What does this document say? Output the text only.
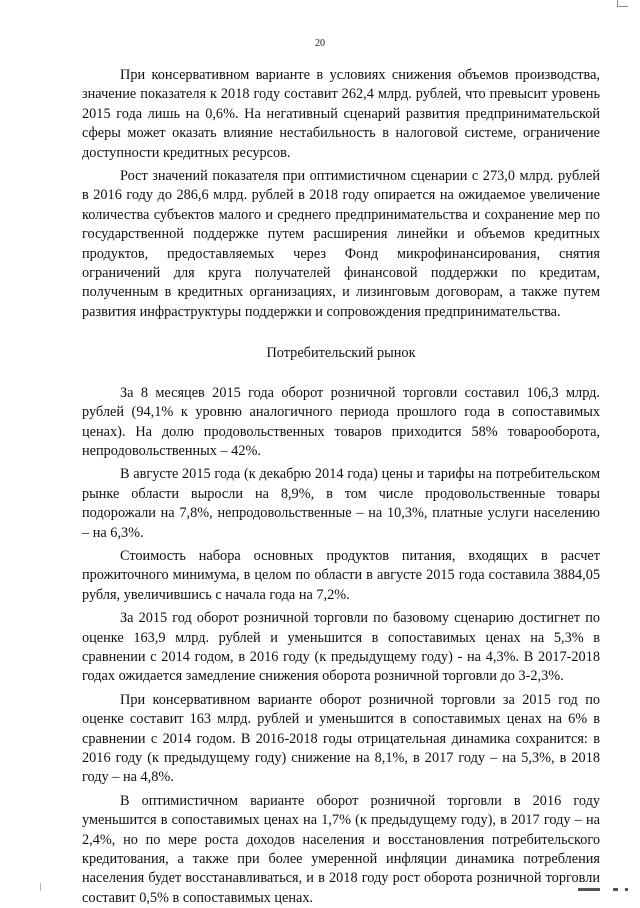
20

При консервативном варианте в условиях снижения объемов производства, значение показателя к 2018 году составит 262,4 млрд. рублей, что превысит уровень 2015 года лишь на 0,6%. На негативный сценарий развития предпринимательской сферы может оказать влияние нестабильность в налоговой системе, ограничение доступности кредитных ресурсов.

Рост значений показателя при оптимистичном сценарии с 273,0 млрд. рублей в 2016 году до 286,6 млрд. рублей в 2018 году опирается на ожидаемое увеличение количества субъектов малого и среднего предпринимательства и сохранение мер по государственной поддержке путем расширения линейки и объемов кредитных продуктов, предоставляемых через Фонд микрофинансирования, снятия ограничений для круга получателей финансовой поддержки по кредитам, полученным в кредитных организациях, и лизинговым договорам, а также путем развития инфраструктуры поддержки и сопровождения предпринимательства.

Потребительский рынок

За 8 месяцев 2015 года оборот розничной торговли составил 106,3 млрд. рублей (94,1% к уровню аналогичного периода прошлого года в сопоставимых ценах). На долю продовольственных товаров приходится 58% товарооборота, непродовольственных – 42%.

В августе 2015 года (к декабрю 2014 года) цены и тарифы на потребительском рынке области выросли на 8,9%, в том числе продовольственные товары подорожали на 7,8%, непродовольственные – на 10,3%, платные услуги населению – на 6,3%.

Стоимость набора основных продуктов питания, входящих в расчет прожиточного минимума, в целом по области в августе 2015 года составила 3884,05 рубля, увеличившись с начала года на 7,2%.

За 2015 год оборот розничной торговли по базовому сценарию достигнет по оценке 163,9 млрд. рублей и уменьшится в сопоставимых ценах на 5,3% в сравнении с 2014 годом, в 2016 году (к предыдущему году) - на 4,3%. В 2017-2018 годах ожидается замедление снижения оборота розничной торговли до 3-2,3%.

При консервативном варианте оборот розничной торговли за 2015 год по оценке составит 163 млрд. рублей и уменьшится в сопоставимых ценах на 6% в сравнении с 2014 годом. В 2016-2018 годы отрицательная динамика сохранится: в 2016 году (к предыдущему году) снижение на 8,1%, в 2017 году – на 5,3%, в 2018 году – на 4,8%.

В оптимистичном варианте оборот розничной торговли в 2016 году уменьшится в сопоставимых ценах на 1,7% (к предыдущему году), в 2017 году – на 2,4%, но по мере роста доходов населения и восстановления потребительского кредитования, а также при более умеренной инфляции динамика потребления населения будет восстанавливаться, и в 2018 году рост оборота розничной торговли составит 0,5% в сопоставимых ценах.
